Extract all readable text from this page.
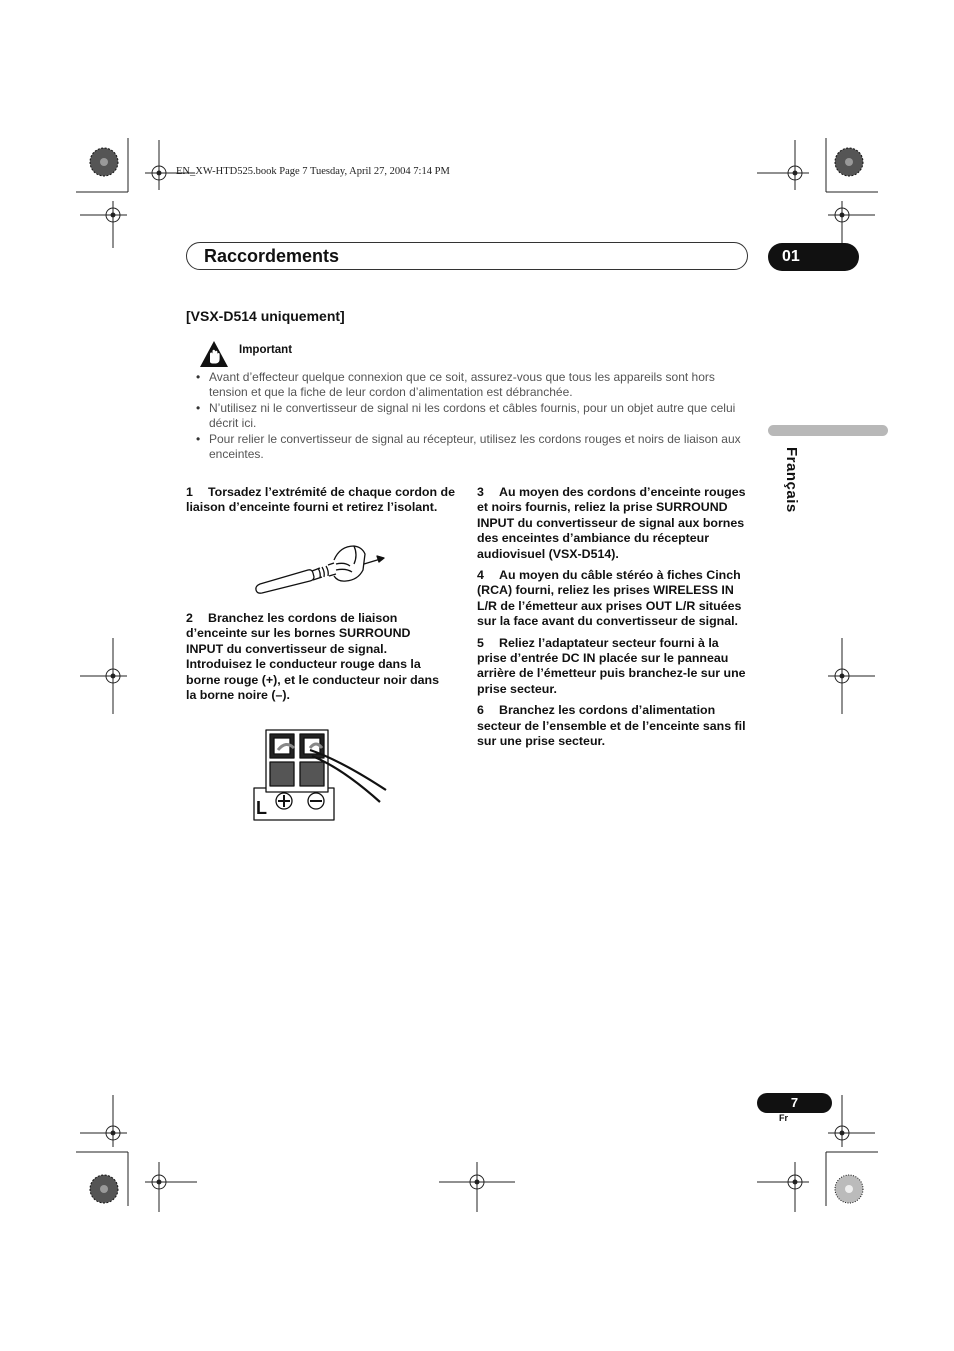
EN_XW-HTD525.book Page 7 Tuesday, April 27, 2004 7:14 PM
Raccordements	01
Français
[VSX-D514 uniquement]
Important
• Avant d’effecteur quelque connexion que ce soit, assurez-vous que tous les appareils sont hors tension et que la fiche de leur cordon d’alimentation est débranchée.
• N’utilisez ni le convertisseur de signal ni les cordons et câbles fournis, pour un objet autre que celui décrit ici.
• Pour relier le convertisseur de signal au récepteur, utilisez les cordons rouges et noirs de liaison aux enceintes.

1 Torsadez l’extrémité de chaque cordon de liaison d’enceinte fourni et retirez l’isolant.

2 Branchez les cordons de liaison d’enceinte sur les bornes SURROUND INPUT du convertisseur de signal. Introduisez le conducteur rouge dans la borne rouge (+), et le conducteur noir dans la borne noire (–).

L

3 Au moyen des cordons d’enceinte rouges et noirs fournis, reliez la prise SURROUND INPUT du convertisseur de signal aux bornes des enceintes d’ambiance du récepteur audiovisuel (VSX-D514).

4 Au moyen du câble stéréo à fiches Cinch (RCA) fourni, reliez les prises WIRELESS IN L/R de l’émetteur aux prises OUT L/R situées sur la face avant du convertisseur de signal.

5 Reliez l’adaptateur secteur fourni à la prise d’entrée DC IN placée sur le panneau arrière de l’émetteur puis branchez-le sur une prise secteur.

6 Branchez les cordons d’alimentation secteur de l’ensemble et de l’enceinte sans fil sur une prise secteur.

7
Fr
